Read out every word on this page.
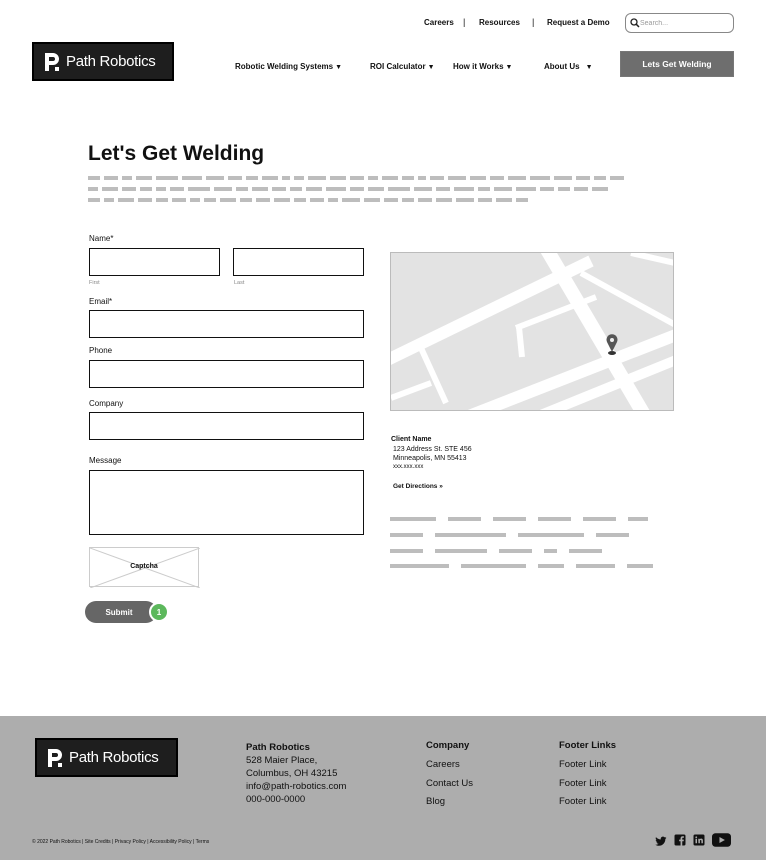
Careers | Resources | Request a Demo
Search...
Path Robotics	Robotic Welding Systems ▼	ROI Calculator ▼ How it Works ▼	About Us ▼	Lets Get Welding
Let's Get Welding
Name*
First	Last
Email*
Phone
Company
Message
Captcha
Submit	1
Client Name
123 Address St. STE 456
Minneapolis, MN 55413
xxx.xxx.xxx
Get Directions »
Path Robotics
Path Robotics
528 Maier Place,
Columbus, OH 43215
info@path-robotics.com
000-000-0000
Company
Careers
Contact Us
Blog
Footer Links
Footer Link
Footer Link
Footer Link
© 2022 Path Robotics | Site Credits | Privacy Policy | Accessibility Policy | Terms
